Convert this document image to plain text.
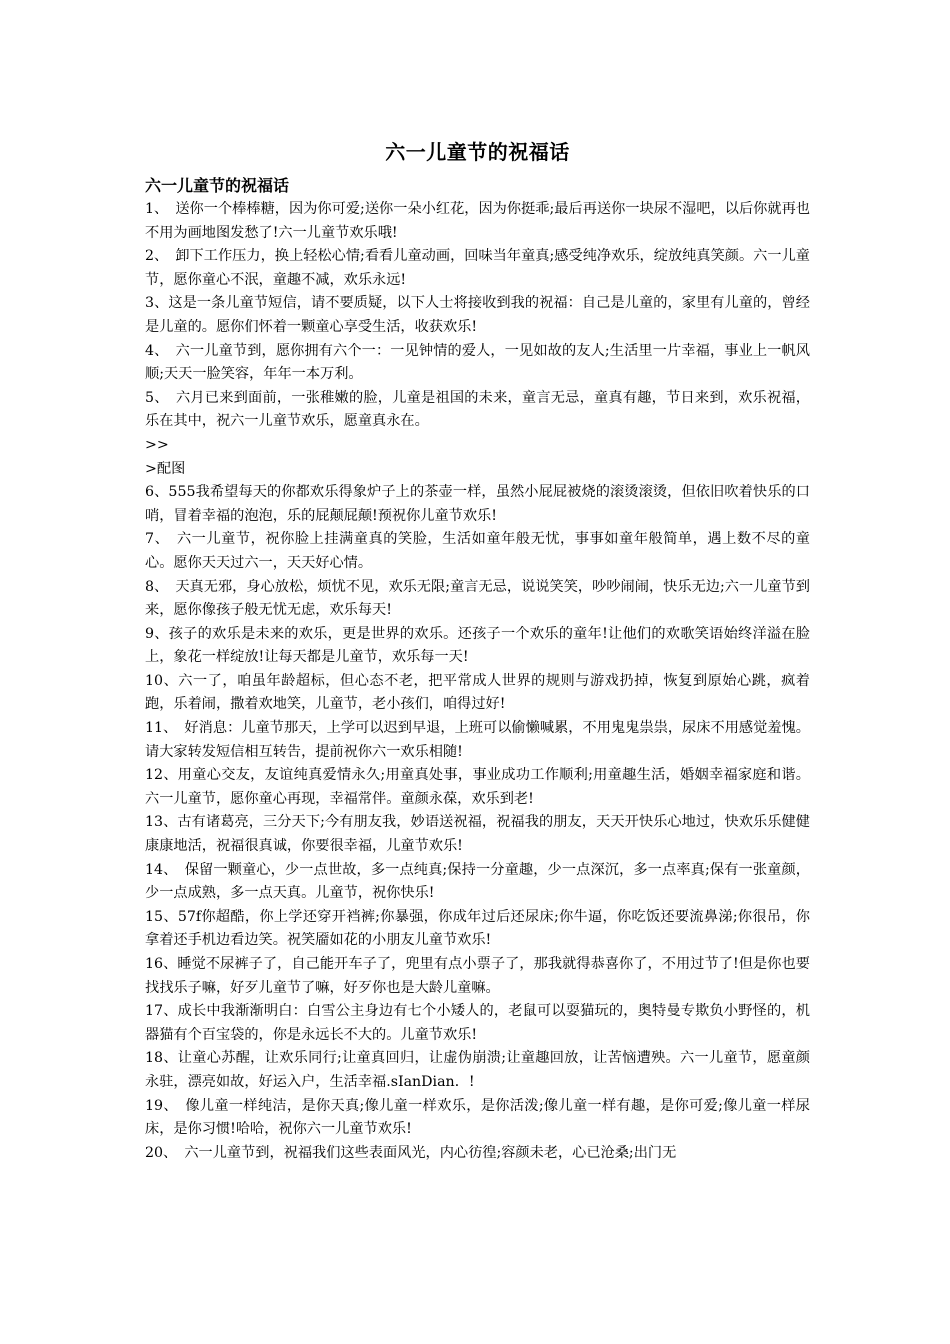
六一儿童节的祝福话
六一儿童节的祝福话

1、　送你一个棒棒糖，因为你可爱;送你一朵小红花，因为你挺乖;最后再送你一块尿不湿吧，以后你就再也不用为画地图发愁了!六一儿童节欢乐哦!

2、　卸下工作压力，换上轻松心情;看看儿童动画，回味当年童真;感受纯净欢乐，绽放纯真笑颜。六一儿童节，愿你童心不泯，童趣不减，欢乐永远!

3、这是一条儿童节短信，请不要质疑，以下人士将接收到我的祝福：自己是儿童的，家里有儿童的，曾经是儿童的。愿你们怀着一颗童心享受生活，收获欢乐!

4、　六一儿童节到，愿你拥有六个一：一见钟情的爱人，一见如故的友人;生活里一片幸福，事业上一帆风顺;天天一脸笑容，年年一本万利。

5、　六月已来到面前，一张稚嫩的脸，儿童是祖国的未来，童言无忌，童真有趣，节日来到，欢乐祝福，乐在其中，祝六一儿童节欢乐，愿童真永在。

>>

>配图

6、555我希望每天的你都欢乐得象炉子上的茶壶一样，虽然小屁屁被烧的滚烫滚烫，但依旧吹着快乐的口哨，冒着幸福的泡泡，乐的屁颠屁颠!预祝你儿童节欢乐!

7、　六一儿童节，祝你脸上挂满童真的笑脸，生活如童年般无忧，事事如童年般简单，遇上数不尽的童心。愿你天天过六一，天天好心情。

8、　天真无邪，身心放松，烦忧不见，欢乐无限;童言无忌，说说笑笑，吵吵闹闹，快乐无边;六一儿童节到来，愿你像孩子般无忧无虑，欢乐每天!

9、孩子的欢乐是未来的欢乐，更是世界的欢乐。还孩子一个欢乐的童年!让他们的欢歌笑语始终洋溢在脸上，象花一样绽放!让每天都是儿童节，欢乐每一天!

10、六一了，咱虽年龄超标，但心态不老，把平常成人世界的规则与游戏扔掉，恢复到原始心跳，疯着跑，乐着闹，撒着欢地笑，儿童节，老小孩们，咱得过好!

11、　好消息：儿童节那天，上学可以迟到早退，上班可以偷懒喊累，不用鬼鬼祟祟，尿床不用感觉羞愧。请大家转发短信相互转告，提前祝你六一欢乐相随!

12、用童心交友，友谊纯真爱情永久;用童真处事，事业成功工作顺利;用童趣生活，婚姻幸福家庭和谐。六一儿童节，愿你童心再现，幸福常伴。童颜永葆，欢乐到老!

13、古有诸葛亮，三分天下;今有朋友我，妙语送祝福，祝福我的朋友，天天开快乐心地过，快欢乐乐健健康康地活，祝福很真诚，你要很幸福，儿童节欢乐!

14、　保留一颗童心，少一点世故，多一点纯真;保持一分童趣，少一点深沉，多一点率真;保有一张童颜，少一点成熟，多一点天真。儿童节，祝你快乐!

15、57f你超酷，你上学还穿开裆裤;你暴强，你成年过后还尿床;你牛逼，你吃饭还要流鼻涕;你很吊，你拿着还手机边看边笑。祝笑靥如花的小朋友儿童节欢乐!

16、睡觉不尿裤子了，自己能开车子了，兜里有点小票子了，那我就得恭喜你了，不用过节了!但是你也要找找乐子嘛，好歹儿童节了嘛，好歹你也是大龄儿童嘛。

17、成长中我渐渐明白：白雪公主身边有七个小矮人的，老鼠可以耍猫玩的，奥特曼专欺负小野怪的，机器猫有个百宝袋的，你是永远长不大的。儿童节欢乐!

18、让童心苏醒，让欢乐同行;让童真回归，让虚伪崩溃;让童趣回放，让苦恼遭殃。六一儿童节，愿童颜永驻，漂亮如故，好运入户，生活幸福.sIanDian．!

19、　像儿童一样纯洁，是你天真;像儿童一样欢乐，是你活泼;像儿童一样有趣，是你可爱;像儿童一样尿床，是你习惯!哈哈，祝你六一儿童节欢乐!

20、　六一儿童节到，祝福我们这些表面风光，内心彷徨;容颜未老，心已沧桑;出门无
